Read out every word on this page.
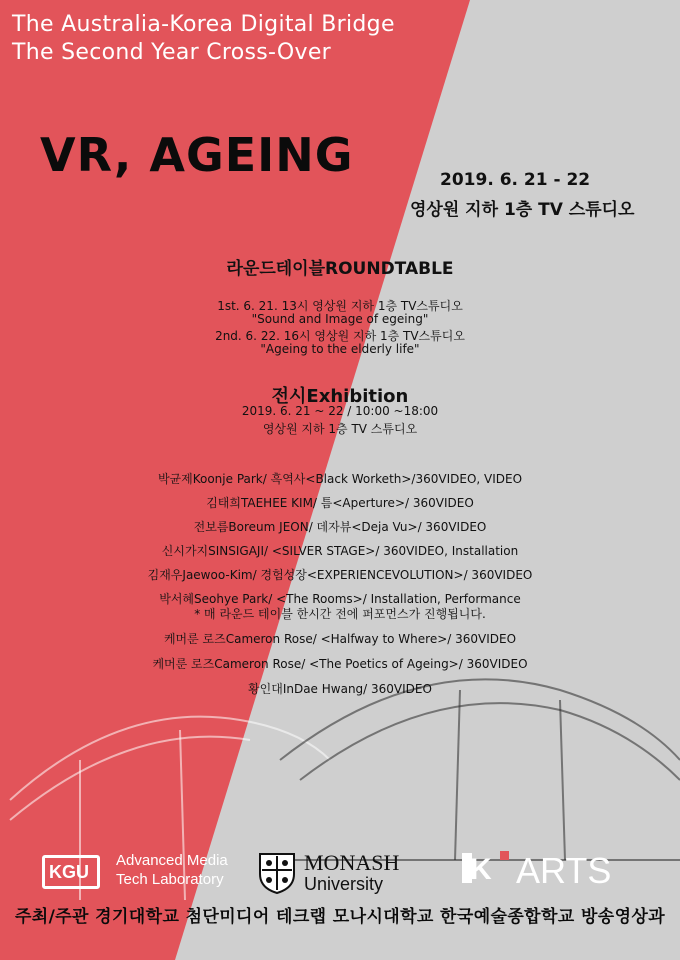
The Australia-Korea Digital Bridge
The Second Year Cross-Over
VR, AGEING	2019. 6. 21 - 22
영상원 지하 1층 TV 스튜디오
라운드테이블ROUNDTABLE
1st. 6. 21. 13시 영상원 지하 1층 TV스튜디오
"Sound and Image of egeing"
2nd. 6. 22. 16시 영상원 지하 1층 TV스튜디오
"Ageing to the elderly life"
전시Exhibition
2019. 6. 21 ~ 22 / 10:00 ~18:00
영상원 지하 1층 TV 스튜디오
박균제Koonje Park/ 흑역사<Black Worketh>/360VIDEO, VIDEO
김태희TAEHEE KIM/ 틈<Aperture>/ 360VIDEO
전보름Boreum JEON/ 데자뷰<Deja Vu>/ 360VIDEO
신시가지SINSIGAJI/ <SILVER STAGE>/ 360VIDEO, Installation
김재우Jaewoo-Kim/ 경험성장<EXPERIENCEVOLUTION>/ 360VIDEO
박서혜Seohye Park/ <The Rooms>/ Installation, Performance
* 매 라운드 테이블 한시간 전에 퍼포먼스가 진행됩니다.
케머룬 로즈Cameron Rose/ <Halfway to Where>/ 360VIDEO
케머룬 로즈Cameron Rose/ <The Poetics of Ageing>/ 360VIDEO
황인대InDae Hwang/ 360VIDEO
KGU
Advanced Media
Tech Laboratory
MONASH
University	K ARTS
주최/주관 경기대학교 첨단미디어 테크랩 모나시대학교 한국예술종합학교 방송영상과
